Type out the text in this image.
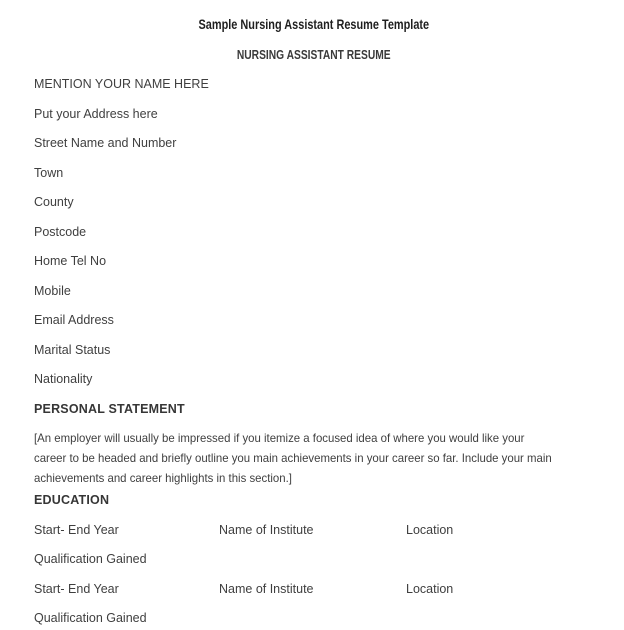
Sample Nursing Assistant Resume Template
NURSING ASSISTANT RESUME
MENTION YOUR NAME HERE
Put your Address here
Street Name and Number
Town
County
Postcode
Home Tel No
Mobile
Email Address
Marital Status
Nationality
PERSONAL STATEMENT
[An employer will usually be impressed if you itemize a focused idea of where you would like your
career to be headed and briefly outline you main achievements in your career so far. Include your main
achievements and career highlights in this section.]
EDUCATION
Start- End Year	Name of Institute	Location
Qualification Gained
Start- End Year	Name of Institute	Location
Qualification Gained
